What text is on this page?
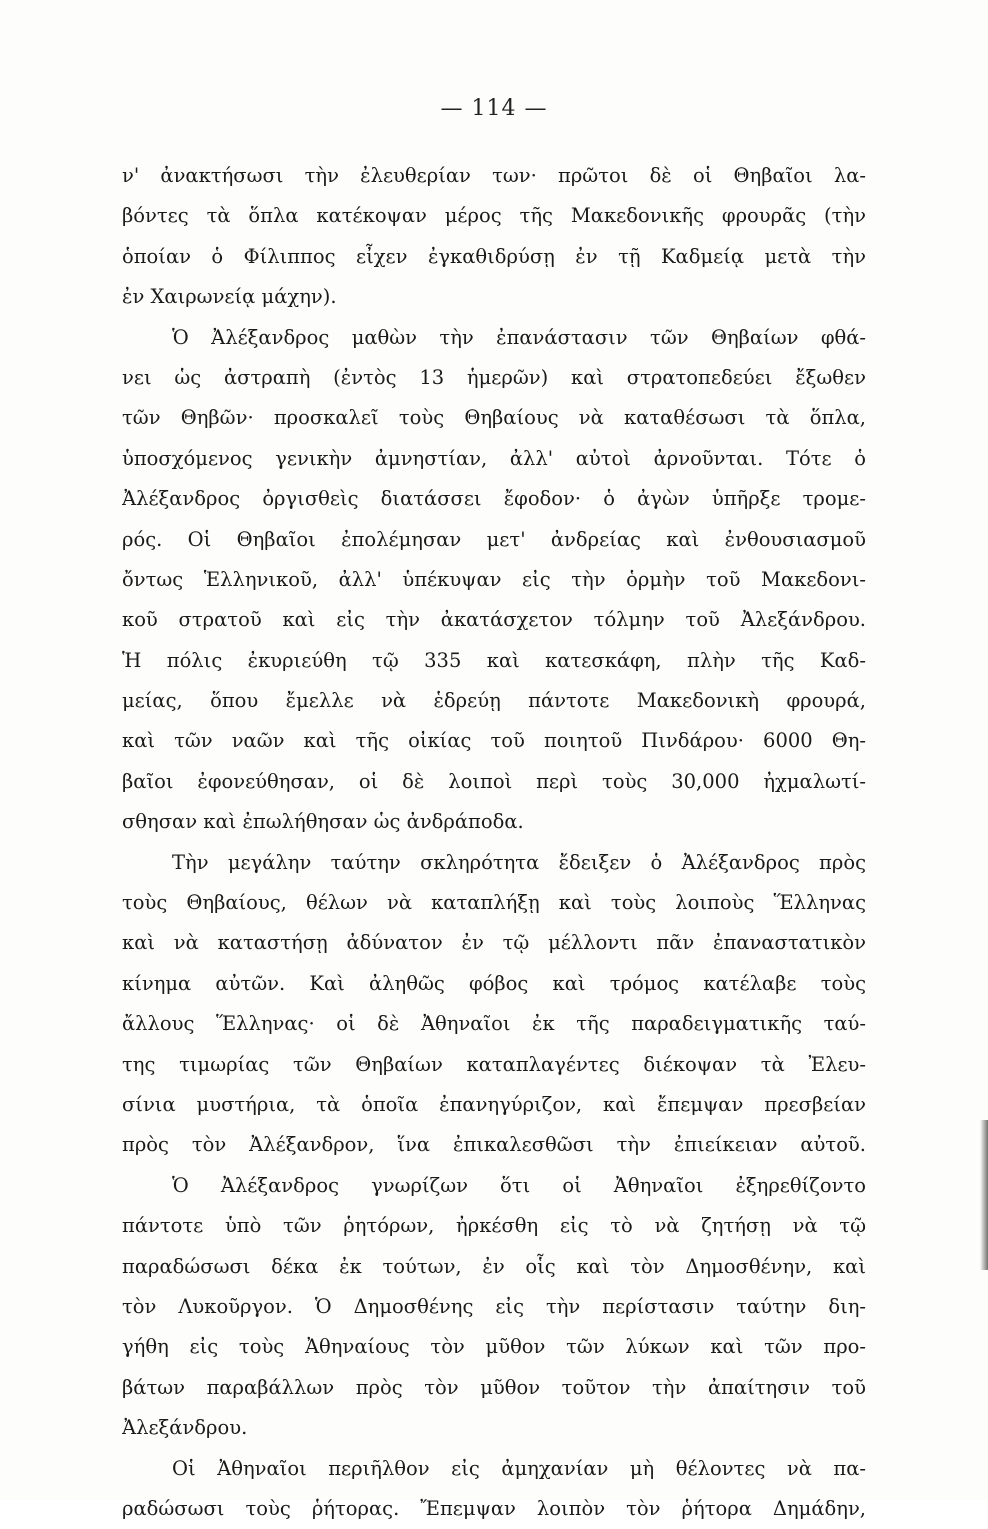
— 114 —
ν' ἀνακτήσωσι τὴν ἐλευθερίαν των· πρῶτοι δὲ οἱ Θηβαῖοι λα-
βόντες τὰ ὅπλα κατέκοψαν μέρος τῆς Μακεδονικῆς φρουρᾶς (τὴν
ὁποίαν ὁ Φίλιππος εἶχεν ἐγκαθιδρύσῃ ἐν τῇ Καδμείᾳ μετὰ τὴν
ἐν Χαιρωνείᾳ μάχην).
Ὁ Ἀλέξανδρος μαθὼν τὴν ἐπανάστασιν τῶν Θηβαίων φθά-
νει ὡς ἀστραπὴ (ἐντὸς 13 ἡμερῶν) καὶ στρατοπεδεύει ἔξωθεν
τῶν Θηβῶν· προσκαλεῖ τοὺς Θηβαίους νὰ καταθέσωσι τὰ ὅπλα,
ὑποσχόμενος γενικὴν ἀμνηστίαν, ἀλλ' αὐτοὶ ἀρνοῦνται. Τότε ὁ
Ἀλέξανδρος ὀργισθεὶς διατάσσει ἔφοδον· ὁ ἀγὼν ὑπῆρξε τρομε-
ρός. Οἱ Θηβαῖοι ἐπολέμησαν μετ' ἀνδρείας καὶ ἐνθουσιασμοῦ
ὄντως Ἑλληνικοῦ, ἀλλ' ὑπέκυψαν εἰς τὴν ὁρμὴν τοῦ Μακεδονι-
κοῦ στρατοῦ καὶ εἰς τὴν ἀκατάσχετον τόλμην τοῦ Ἀλεξάνδρου.
Ἡ πόλις ἐκυριεύθη τῷ 335 καὶ κατεσκάφη, πλὴν τῆς Καδ-
μείας, ὅπου ἔμελλε νὰ ἑδρεύῃ πάντοτε Μακεδονικὴ φρουρά,
καὶ τῶν ναῶν καὶ τῆς οἰκίας τοῦ ποιητοῦ Πινδάρου· 6000 Θη-
βαῖοι ἐφονεύθησαν, οἱ δὲ λοιποὶ περὶ τοὺς 30,000 ἠχμαλωτί-
σθησαν καὶ ἐπωλήθησαν ὡς ἀνδράποδα.
Τὴν μεγάλην ταύτην σκληρότητα ἔδειξεν ὁ Ἀλέξανδρος πρὸς
τοὺς Θηβαίους, θέλων νὰ καταπλήξῃ καὶ τοὺς λοιποὺς Ἕλληνας
καὶ νὰ καταστήσῃ ἀδύνατον ἐν τῷ μέλλοντι πᾶν ἐπαναστατικὸν
κίνημα αὐτῶν. Καὶ ἀληθῶς φόβος καὶ τρόμος κατέλαβε τοὺς
ἄλλους Ἕλληνας· οἱ δὲ Ἀθηναῖοι ἐκ τῆς παραδειγματικῆς ταύ-
της τιμωρίας τῶν Θηβαίων καταπλαγέντες διέκοψαν τὰ Ἐλευ-
σίνια μυστήρια, τὰ ὁποῖα ἐπανηγύριζον, καὶ ἔπεμψαν πρεσβείαν
πρὸς τὸν Ἀλέξανδρον, ἵνα ἐπικαλεσθῶσι τὴν ἐπιείκειαν αὐτοῦ.
Ὁ Ἀλέξανδρος γνωρίζων ὅτι οἱ Ἀθηναῖοι ἐξηρεθίζοντο
πάντοτε ὑπὸ τῶν ῥητόρων, ἠρκέσθη εἰς τὸ νὰ ζητήσῃ νὰ τῷ
παραδώσωσι δέκα ἐκ τούτων, ἐν οἷς καὶ τὸν Δημοσθένην, καὶ
τὸν Λυκοῦργον. Ὁ Δημοσθένης εἰς τὴν περίστασιν ταύτην διη-
γήθη εἰς τοὺς Ἀθηναίους τὸν μῦθον τῶν λύκων καὶ τῶν προ-
βάτων παραβάλλων πρὸς τὸν μῦθον τοῦτον τὴν ἀπαίτησιν τοῦ
Ἀλεξάνδρου.
Οἱ Ἀθηναῖοι περιῆλθον εἰς ἀμηχανίαν μὴ θέλοντες νὰ πα-
ραδώσωσι τοὺς ῥήτορας. Ἔπεμψαν λοιπὸν τὸν ῥήτορα Δημάδην,
